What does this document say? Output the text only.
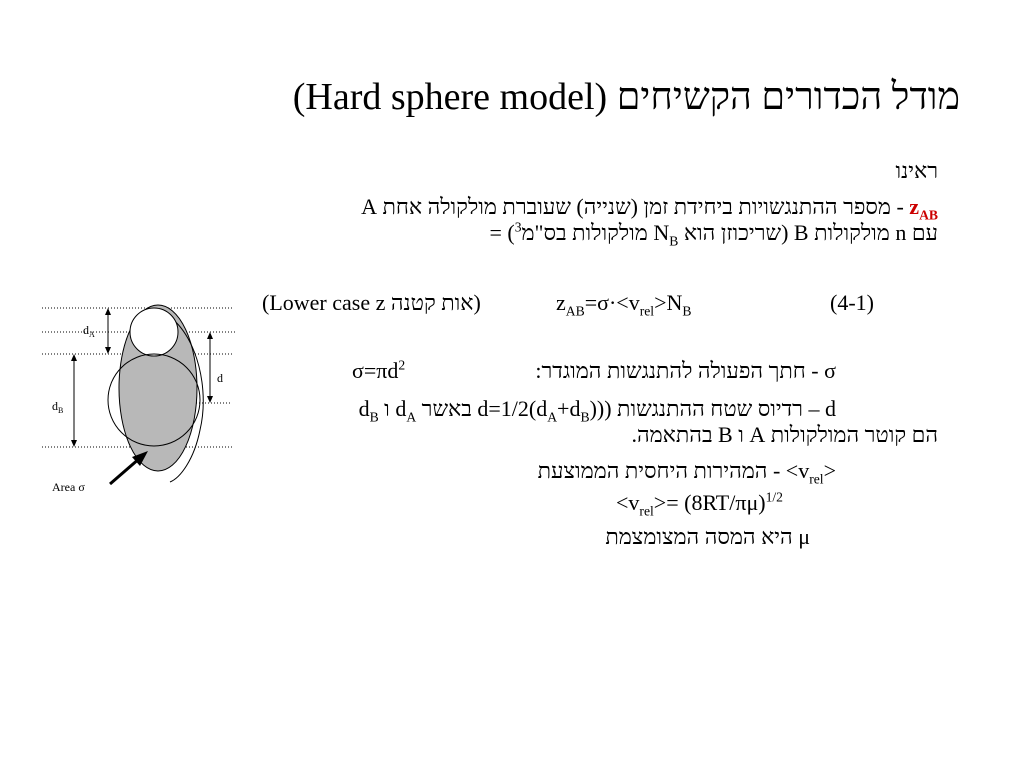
(Hard sphere model) מודל הכדורים הקשיחים
ראינו
$z_{AB}$ - מספר ההתנגשויות ביחידת זמן (שנייה) שעוברת מולקולה אחת A
עם n מולקולות B (שריכוזן הוא $N_B$ מולקולות בס"מ$^3$) =
(Lower case z אות קטנה)	$z_{AB}=\sigma\cdot<v_{rel}>N_B$	(4-1)
σ - חתך הפעולה להתנגשות המוגדר:
$\sigma=\pi d^2$
d – רדיוס שטח ההתנגשות (($d=1/2(d_A+d_B)$ באשר $d_A$ ו $d_B$
הם קוטר המולקולות A ו B בהתאמה.
$<v_{rel}>$ - המהירות היחסית הממוצעת
$<v_{rel}>= (8RT/\pi\mu)^{1/2}$
μ היא המסה המצומצמת
$d_A$
$d_B$
d
Area σ
